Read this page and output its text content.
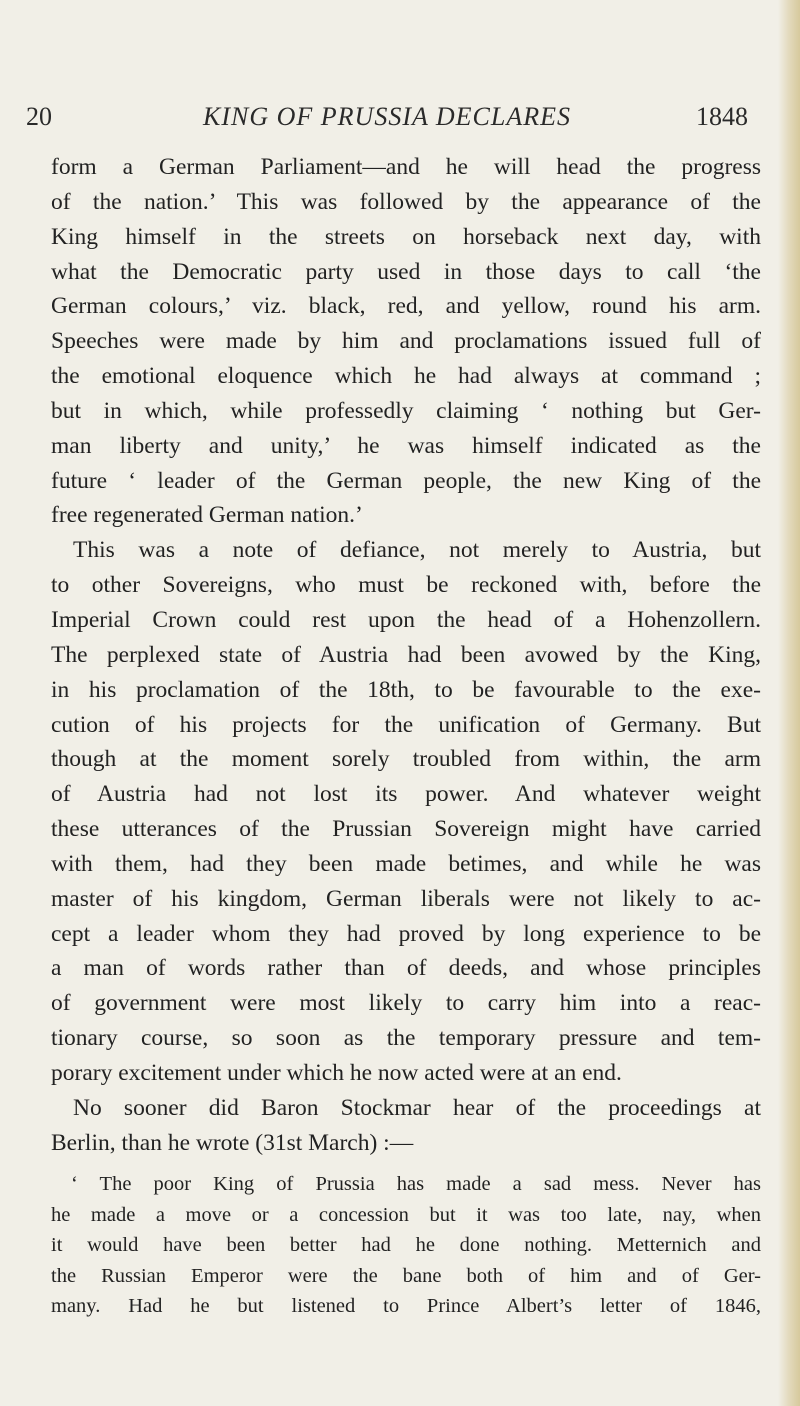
20	KING OF PRUSSIA DECLARES	1848
form a German Parliament—and he will head the progress
of the nation.’ This was followed by the appearance of the
King himself in the streets on horseback next day, with
what the Democratic party used in those days to call ‘the
German colours,’ viz. black, red, and yellow, round his arm.
Speeches were made by him and proclamations issued full of
the emotional eloquence which he had always at command ;
but in which, while professedly claiming ‘ nothing but Ger-
man liberty and unity,’ he was himself indicated as the
future ‘ leader of the German people, the new King of the
free regenerated German nation.’
This was a note of defiance, not merely to Austria, but
to other Sovereigns, who must be reckoned with, before the
Imperial Crown could rest upon the head of a Hohenzollern.
The perplexed state of Austria had been avowed by the King,
in his proclamation of the 18th, to be favourable to the exe-
cution of his projects for the unification of Germany. But
though at the moment sorely troubled from within, the arm
of Austria had not lost its power. And whatever weight
these utterances of the Prussian Sovereign might have carried
with them, had they been made betimes, and while he was
master of his kingdom, German liberals were not likely to ac-
cept a leader whom they had proved by long experience to be
a man of words rather than of deeds, and whose principles
of government were most likely to carry him into a reac-
tionary course, so soon as the temporary pressure and tem-
porary excitement under which he now acted were at an end.
No sooner did Baron Stockmar hear of the proceedings at
Berlin, than he wrote (31st March) :—
‘ The poor King of Prussia has made a sad mess. Never has
he made a move or a concession but it was too late, nay, when
it would have been better had he done nothing. Metternich and
the Russian Emperor were the bane both of him and of Ger-
many. Had he but listened to Prince Albert’s letter of 1846,
